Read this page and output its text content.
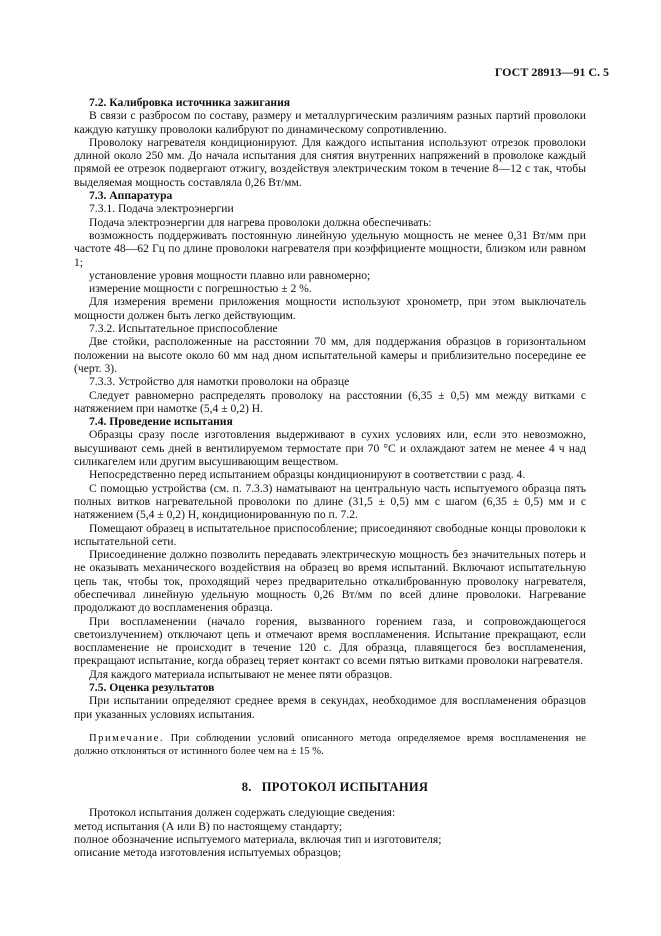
ГОСТ 28913—91 С. 5

7.2. Калибровка источника зажигания

В связи с разбросом по составу, размеру и металлургическим различиям разных партий проволоки каждую катушку проволоки калибруют по динамическому сопротивлению.

Проволоку нагревателя кондиционируют. Для каждого испытания используют отрезок проволоки длиной около 250 мм. До начала испытания для снятия внутренних напряжений в проволоке каждый прямой ее отрезок подвергают отжигу, воздействуя электрическим током в течение 8—12 с так, чтобы выделяемая мощность составляла 0,26 Вт/мм.

7.3. Аппаратура

7.3.1. Подача электроэнергии

Подача электроэнергии для нагрева проволоки должна обеспечивать:

возможность поддерживать постоянную линейную удельную мощность не менее 0,31 Вт/мм при частоте 48—62 Гц по длине проволоки нагревателя при коэффициенте мощности, близком или равном 1;

установление уровня мощности плавно или равномерно;

измерение мощности с погрешностью ± 2 %.

Для измерения времени приложения мощности используют хронометр, при этом выключатель мощности должен быть легко действующим.

7.3.2. Испытательное приспособление

Две стойки, расположенные на расстоянии 70 мм, для поддержания образцов в горизонтальном положении на высоте около 60 мм над дном испытательной камеры и приблизительно посередине ее (черт. 3).

7.3.3. Устройство для намотки проволоки на образце

Следует равномерно распределять проволоку на расстоянии (6,35 ± 0,5) мм между витками с натяжением при намотке (5,4 ± 0,2) Н.

7.4. Проведение испытания

Образцы сразу после изготовления выдерживают в сухих условиях или, если это невозможно, высушивают семь дней в вентилируемом термостате при 70 °С и охлаждают затем не менее 4 ч над силикагелем или другим высушивающим веществом.

Непосредственно перед испытанием образцы кондиционируют в соответствии с разд. 4.

С помощью устройства (см. п. 7.3.3) наматывают на центральную часть испытуемого образца пять полных витков нагревательной проволоки по длине (31,5 ± 0,5) мм с шагом (6,35 ± 0,5) мм и с натяжением (5,4 ± 0,2) Н, кондиционированную по п. 7.2.

Помещают образец в испытательное приспособление; присоединяют свободные концы проволоки к испытательной сети.

Присоединение должно позволить передавать электрическую мощность без значительных потерь и не оказывать механического воздействия на образец во время испытаний. Включают испытательную цепь так, чтобы ток, проходящий через предварительно откалиброванную проволоку нагревателя, обеспечивал линейную удельную мощность 0,26 Вт/мм по всей длине проволоки. Нагревание продолжают до воспламенения образца.

При воспламенении (начало горения, вызванного горением газа, и сопровождающегося светоизлучением) отключают цепь и отмечают время воспламенения. Испытание прекращают, если воспламенение не происходит в течение 120 с. Для образца, плавящегося без воспламенения, прекращают испытание, когда образец теряет контакт со всеми пятью витками проволоки нагревателя.

Для каждого материала испытывают не менее пяти образцов.

7.5. Оценка результатов

При испытании определяют среднее время в секундах, необходимое для воспламенения образцов при указанных условиях испытания.

Примечание. При соблюдении условий описанного метода определяемое время воспламенения не должно отклоняться от истинного более чем на ± 15 %.

8. ПРОТОКОЛ ИСПЫТАНИЯ

Протокол испытания должен содержать следующие сведения:

метод испытания (А или В) по настоящему стандарту;

полное обозначение испытуемого материала, включая тип и изготовителя;

описание метода изготовления испытуемых образцов;
